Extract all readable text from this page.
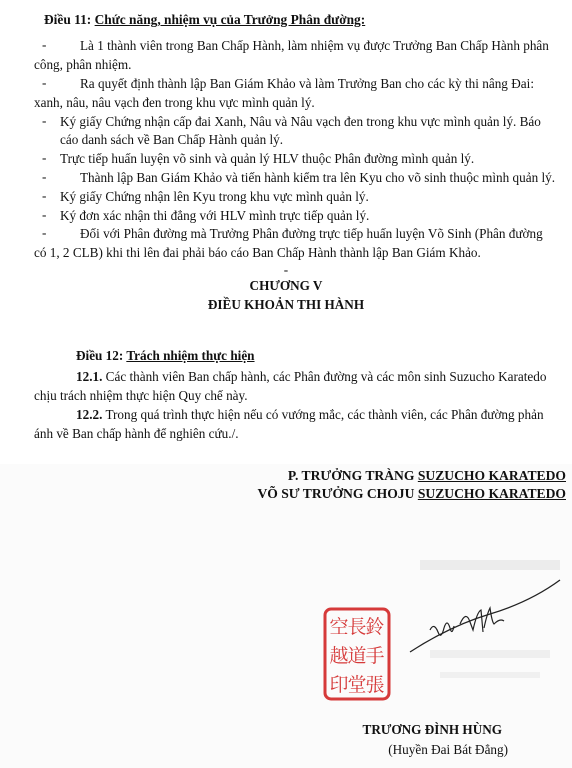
Điều 11: Chức năng, nhiệm vụ của Trưởng Phân đường:
-	Là 1 thành viên trong Ban Chấp Hành, làm nhiệm vụ được Trưởng Ban Chấp Hành phân
công, phân nhiệm.
-	Ra quyết định thành lập Ban Giám Khảo và làm Trưởng Ban cho các kỳ thi nâng Đai:
xanh, nâu, nâu vạch đen trong khu vực mình quản lý.
- Ký giấy Chứng nhận cấp đai Xanh, Nâu và Nâu vạch đen trong khu vực mình quản lý. Báo
cáo danh sách về Ban Chấp Hành quản lý.
- Trực tiếp huấn luyện võ sinh và quản lý HLV thuộc Phân đường mình quản lý.
-	Thành lập Ban Giám Khảo và tiến hành kiểm tra lên Kyu cho võ sinh thuộc mình quản lý.
- Ký giấy Chứng nhận lên Kyu trong khu vực mình quản lý.
- Ký đơn xác nhận thi đẳng với HLV mình trực tiếp quản lý.
-	Đối với Phân đường mà Trưởng Phân đường trực tiếp huấn luyện Võ Sinh (Phân đường
có 1, 2 CLB) khi thi lên đai phải báo cáo Ban Chấp Hành thành lập Ban Giám Khảo.
-
CHƯƠNG V
ĐIỀU KHOẢN THI HÀNH
Điều 12: Trách nhiệm thực hiện
12.1. Các thành viên Ban chấp hành, các Phân đường và các môn sinh Suzucho Karatedo
chịu trách nhiệm thực hiện Quy chế này.
12.2. Trong quá trình thực hiện nếu có vướng mắc, các thành viên, các Phân đường phản
ánh về Ban chấp hành để nghiên cứu./.
P. TRƯỞNG TRÀNG SUZUCHO KARATEDO
VÕ SƯ TRƯỞNG CHOJU SUZUCHO KARATEDO
鈴
手
張
長
道
堂
空
越
印
TRƯƠNG ĐÌNH HÙNG
(Huyền Đai Bát Đẳng)
